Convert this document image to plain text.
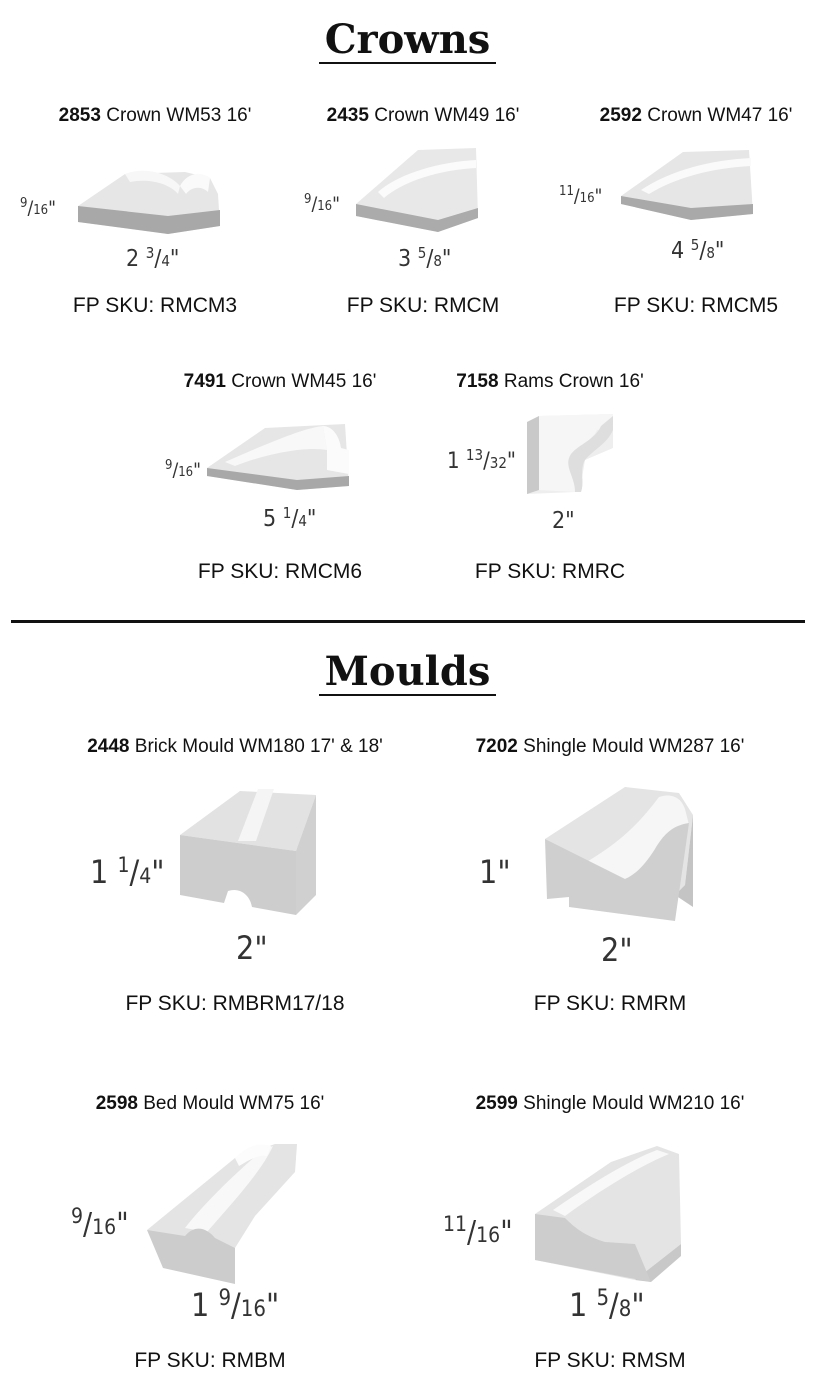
Crowns
2853 Crown WM53 16'
$^9$/16"
2 $^3$/4"
FP SKU: RMCM3
2435 Crown WM49 16'
$^9$/16"
3 $^5$/8"
FP SKU: RMCM
2592 Crown WM47 16'
$^{11}$/16"
4 $^5$/8"
FP SKU: RMCM5
7491 Crown WM45 16'
$^9$/16"
5 $^1$/4"
FP SKU: RMCM6
7158 Rams Crown 16'
1 $^{13}$/32"
2"
FP SKU: RMRC
Moulds
2448 Brick Mould WM180 17' & 18'
1 $^1$/4"
2"
FP SKU: RMBRM17/18
7202 Shingle Mould WM287 16'
1"
2"
FP SKU: RMRM
2598 Bed Mould WM75 16'
$^9$/16"
1 $^9$/16"
FP SKU: RMBM
2599 Shingle Mould WM210 16'
$^{11}$/16"
1 $^5$/8"
FP SKU: RMSM
